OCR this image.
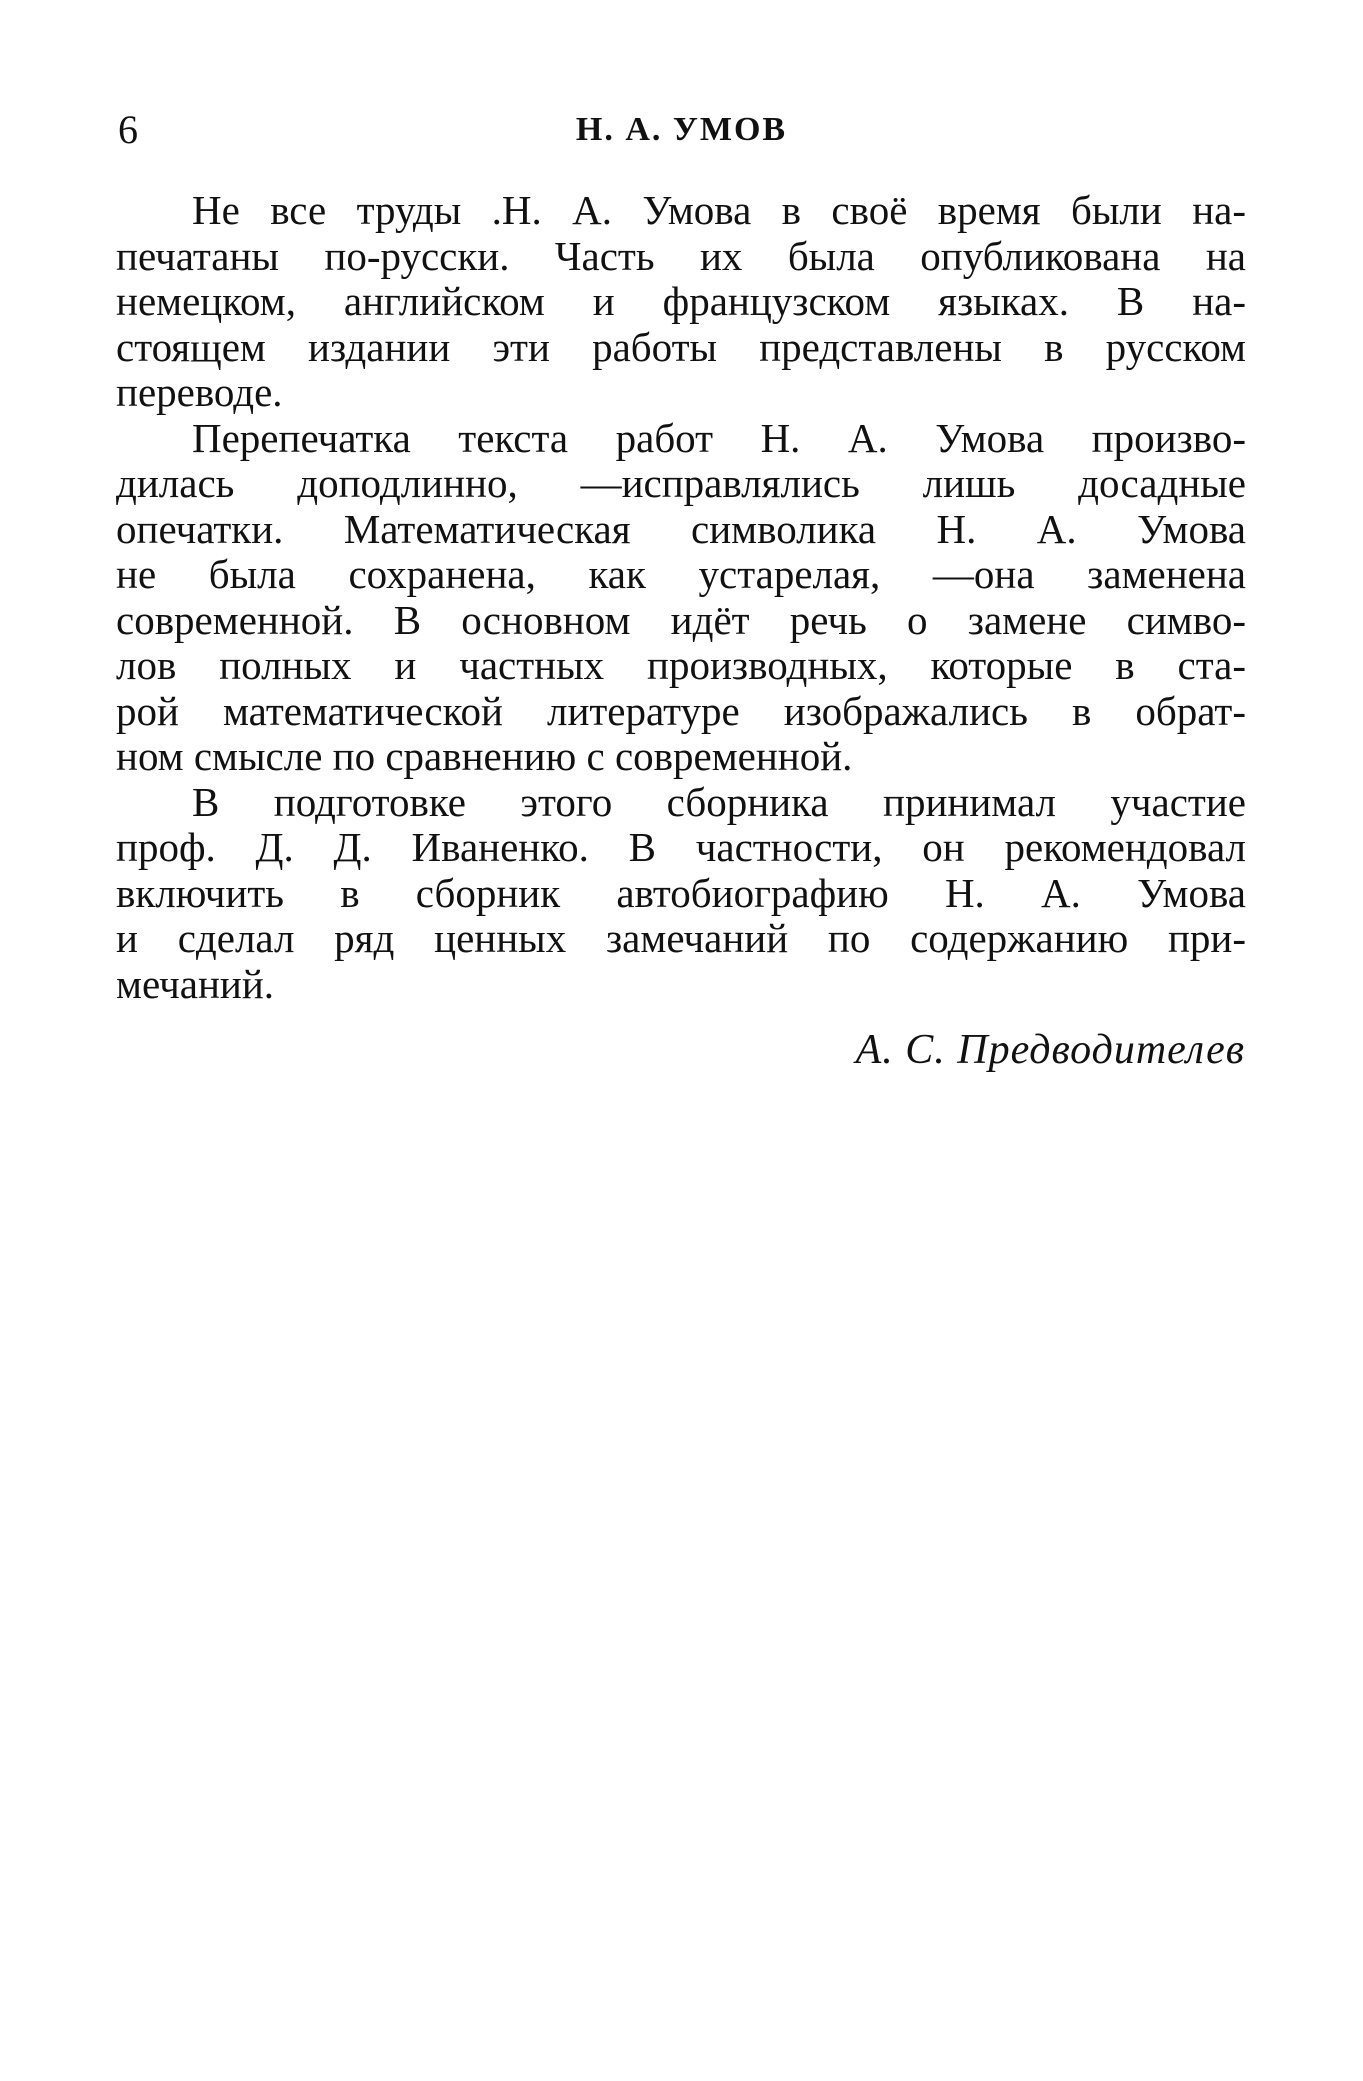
6	Н. А. УМОВ
Не все труды .Н. А. Умова в своё время были на-
печатаны по-русски. Часть их была опубликована на
немецком, английском и французском языках. В на-
стоящем издании эти работы представлены в русском
переводе.
Перепечатка текста работ Н. А. Умова произво-
дилась доподлинно, —исправлялись лишь досадные
опечатки. Математическая символика Н. А. Умова
не была сохранена, как устарелая, —она заменена
современной. В основном идёт речь о замене симво-
лов полных и частных производных, которые в ста-
рой математической литературе изображались в обрат-
ном смысле по сравнению с современной.
В подготовке этого сборника принимал участие
проф. Д. Д. Иваненко. В частности, он рекомендовал
включить в сборник автобиографию Н. А. Умова
и сделал ряд ценных замечаний по содержанию при-
мечаний.
А. С. Предводителев
